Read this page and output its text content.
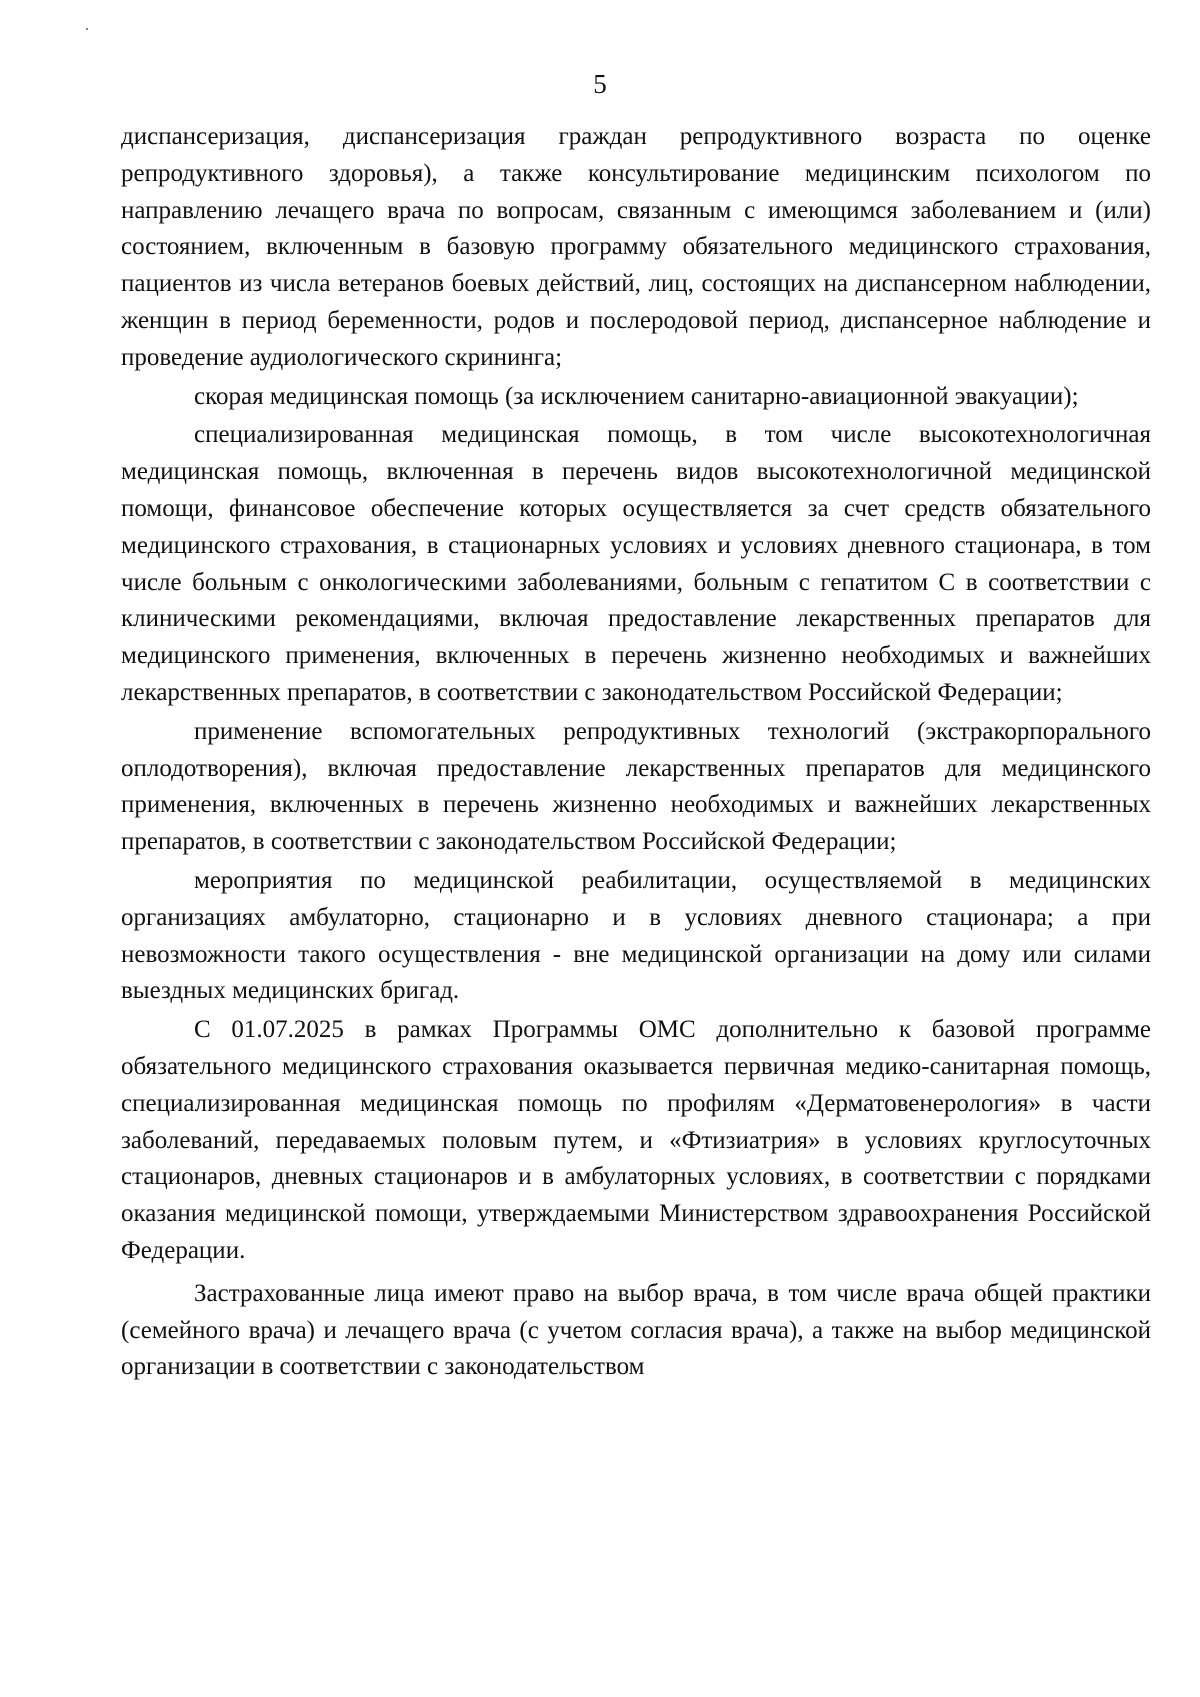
5

диспансеризация, диспансеризация граждан репродуктивного возраста по оценке репродуктивного здоровья), а также консультирование медицинским психологом по направлению лечащего врача по вопросам, связанным с имеющимся заболеванием и (или) состоянием, включенным в базовую программу обязательного медицинского страхования, пациентов из числа ветеранов боевых действий, лиц, состоящих на диспансерном наблюдении, женщин в период беременности, родов и послеродовой период, диспансерное наблюдение и проведение аудиологического скрининга;

скорая медицинская помощь (за исключением санитарно-авиационной эвакуации);

специализированная медицинская помощь, в том числе высокотехнологичная медицинская помощь, включенная в перечень видов высокотехнологичной медицинской помощи, финансовое обеспечение которых осуществляется за счет средств обязательного медицинского страхования, в стационарных условиях и условиях дневного стационара, в том числе больным с онкологическими заболеваниями, больным с гепатитом С в соответствии с клиническими рекомендациями, включая предоставление лекарственных препаратов для медицинского применения, включенных в перечень жизненно необходимых и важнейших лекарственных препаратов, в соответствии с законодательством Российской Федерации;

применение вспомогательных репродуктивных технологий (экстракорпорального оплодотворения), включая предоставление лекарственных препаратов для медицинского применения, включенных в перечень жизненно необходимых и важнейших лекарственных препаратов, в соответствии с законодательством Российской Федерации;

мероприятия по медицинской реабилитации, осуществляемой в медицинских организациях амбулаторно, стационарно и в условиях дневного стационара; а при невозможности такого осуществления - вне медицинской организации на дому или силами выездных медицинских бригад.

С 01.07.2025 в рамках Программы ОМС дополнительно к базовой программе обязательного медицинского страхования оказывается первичная медико-санитарная помощь, специализированная медицинская помощь по профилям «Дерматовенерология» в части заболеваний, передаваемых половым путем, и «Фтизиатрия» в условиях круглосуточных стационаров, дневных стационаров и в амбулаторных условиях, в соответствии с порядками оказания медицинской помощи, утверждаемыми Министерством здравоохранения Российской Федерации.

Застрахованные лица имеют право на выбор врача, в том числе врача общей практики (семейного врача) и лечащего врача (с учетом согласия врача), а также на выбор медицинской организации в соответствии с законодательством
